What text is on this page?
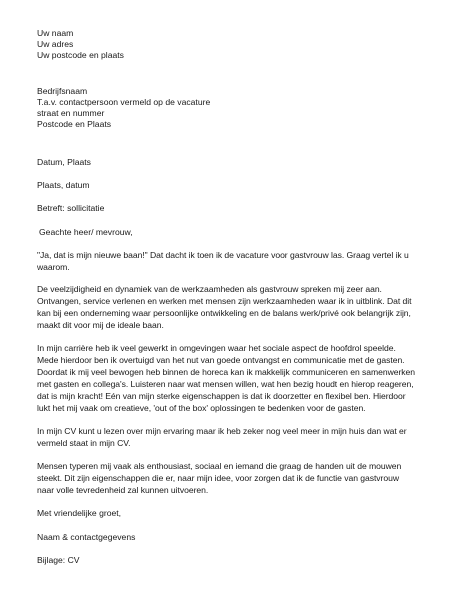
Uw naam
Uw adres
Uw postcode en plaats
Bedrijfsnaam
T.a.v. contactpersoon vermeld op de vacature
straat en nummer
Postcode en Plaats
Datum, Plaats
Plaats, datum
Betreft: sollicitatie
Geachte heer/ mevrouw,
"Ja, dat is mijn nieuwe baan!" Dat dacht ik toen ik de vacature voor gastvrouw las. Graag vertel ik u
waarom.
De veelzijdigheid en dynamiek van de werkzaamheden als gastvrouw spreken mij zeer aan.
Ontvangen, service verlenen en werken met mensen zijn werkzaamheden waar ik in uitblink. Dat dit
kan bij een onderneming waar persoonlijke ontwikkeling en de balans werk/privé ook belangrijk zijn,
maakt dit voor mij de ideale baan.
In mijn carrière heb ik veel gewerkt in omgevingen waar het sociale aspect de hoofdrol speelde.
Mede hierdoor ben ik overtuigd van het nut van goede ontvangst en communicatie met de gasten.
Doordat ik mij veel bewogen heb binnen de horeca kan ik makkelijk communiceren en samenwerken
met gasten en collega's. Luisteren naar wat mensen willen, wat hen bezig houdt en hierop reageren,
dat is mijn kracht! Eén van mijn sterke eigenschappen is dat ik doorzetter en flexibel ben. Hierdoor
lukt het mij vaak om creatieve, 'out of the box' oplossingen te bedenken voor de gasten.
In mijn CV kunt u lezen over mijn ervaring maar ik heb zeker nog veel meer in mijn huis dan wat er
vermeld staat in mijn CV.
Mensen typeren mij vaak als enthousiast, sociaal en iemand die graag de handen uit de mouwen
steekt. Dit zijn eigenschappen die er, naar mijn idee, voor zorgen dat ik de functie van gastvrouw
naar volle tevredenheid zal kunnen uitvoeren.
Met vriendelijke groet,
Naam & contactgegevens
Bijlage: CV
